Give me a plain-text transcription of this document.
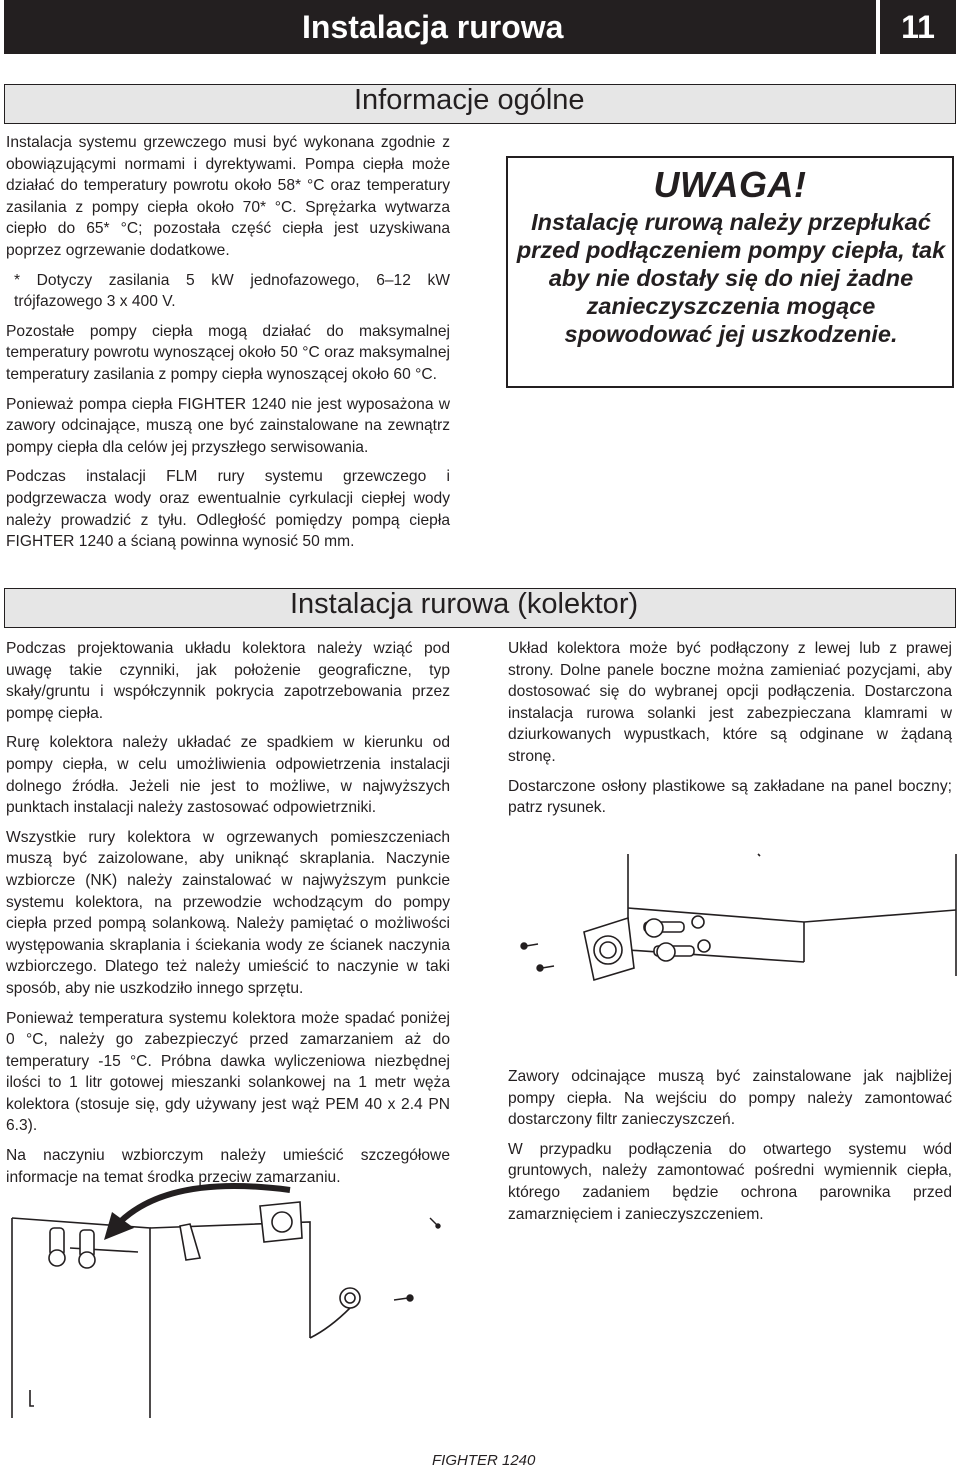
Instalacja rurowa	11
Informacje ogólne

Instalacja systemu grzewczego musi być wykonana zgodnie z obowiązującymi normami i dyrektywami. Pompa ciepła może działać do temperatury powrotu około 58* °C oraz temperatury zasilania z pompy ciepła około 70* °C. Sprężarka wytwarza ciepło do 65* °C; pozostała część ciepła jest uzyskiwana poprzez ogrzewanie dodatkowe.

* Dotyczy zasilania 5 kW jednofazowego, 6–12 kW trójfazowego 3 x 400 V.

Pozostałe pompy ciepła mogą działać do maksymalnej temperatury powrotu wynoszącej około 50 °C oraz maksymalnej temperatury zasilania z pompy ciepła wynoszącej około 60 °C.

Ponieważ pompa ciepła FIGHTER 1240 nie jest wyposażona w zawory odcinające, muszą one być zainstalowane na zewnątrz pompy ciepła dla celów jej przyszłego serwisowania.

Podczas instalacji FLM rury systemu grzewczego i podgrzewacza wody oraz ewentualnie cyrkulacji ciepłej wody należy prowadzić z tyłu. Odległość pomiędzy pompą ciepła FIGHTER 1240 a ścianą powinna wynosić 50 mm.

UWAGA!
Instalację rurową należy przepłukać przed podłączeniem pompy ciepła, tak aby nie dostały się do niej żadne zanieczyszczenia mogące spowodować jej uszkodzenie.
Instalacja rurowa (kolektor)

Podczas projektowania układu kolektora należy wziąć pod uwagę takie czynniki, jak położenie geograficzne, typ skały/gruntu i współczynnik pokrycia zapotrzebowania przez pompę ciepła.

Rurę kolektora należy układać ze spadkiem w kierunku od pompy ciepła, w celu umożliwienia odpowietrzenia instalacji dolnego źródła. Jeżeli nie jest to możliwe, w najwyższych punktach instalacji należy zastosować odpowietrzniki.

Wszystkie rury kolektora w ogrzewanych pomieszczeniach muszą być zaizolowane, aby uniknąć skraplania. Naczynie wzbiorcze (NK) należy zainstalować w najwyższym punkcie systemu kolektora, na przewodzie wchodzącym do pompy ciepła przed pompą solankową. Należy pamiętać o możliwości występowania skraplania i ściekania wody ze ścianek naczynia wzbiorczego. Dlatego też należy umieścić to naczynie w taki sposób, aby nie uszkodziło innego sprzętu.

Ponieważ temperatura systemu kolektora może spadać poniżej 0 °C, należy go zabezpieczyć przed zamarzaniem aż do temperatury -15 °C. Próbna dawka wyliczeniowa niezbędnej ilości to 1 litr gotowej mieszanki solankowej na 1 metr węża kolektora (stosuje się, gdy używany jest wąż PEM 40 x 2.4 PN 6.3).

Na naczyniu wzbiorczym należy umieścić szczegółowe informacje na temat środka przeciw zamarzaniu.

Układ kolektora może być podłączony z lewej lub z prawej strony. Dolne panele boczne można zamieniać pozycjami, aby dostosować się do wybranej opcji podłączenia. Dostarczona instalacja rurowa solanki jest zabezpieczana klamrami w dziurkowanych wypustkach, które są odginane w żądaną stronę.

Dostarczone osłony plastikowe są zakładane na panel boczny; patrz rysunek.

Zawory odcinające muszą być zainstalowane jak najbliżej pompy ciepła. Na wejściu do pompy należy zamontować dostarczony filtr zanieczyszczeń.

W przypadku podłączenia do otwartego systemu wód gruntowych, należy zamontować pośredni wymiennik ciepła, którego zadaniem będzie ochrona parownika przed zamarznięciem i zanieczyszczeniem.

FIGHTER 1240
